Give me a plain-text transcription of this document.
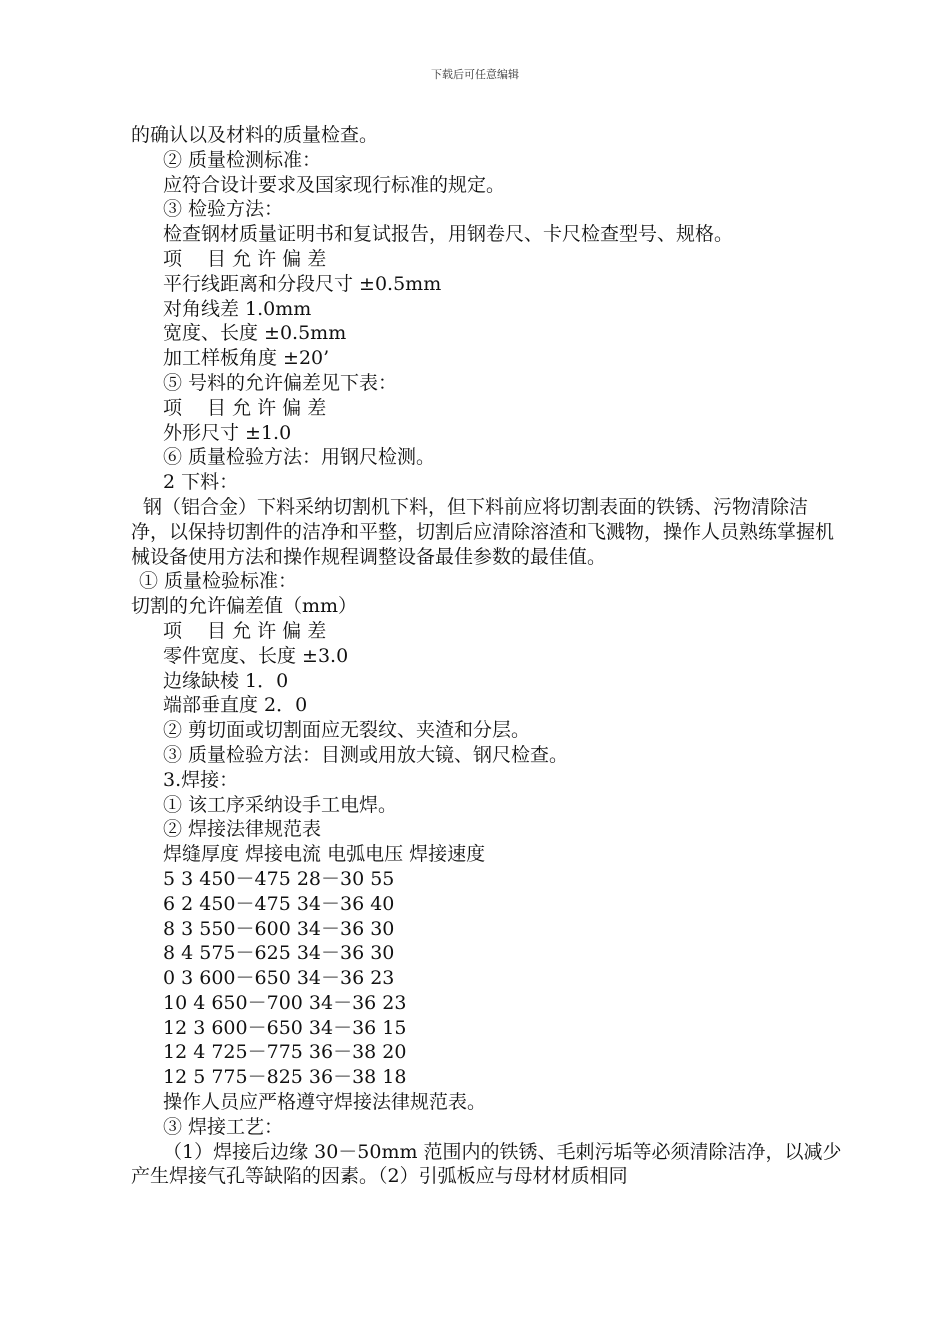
下载后可任意编辑
的确认以及材料的质量检查。
② 质量检测标准：
应符合设计要求及国家现行标准的规定。
③ 检验方法：
检查钢材质量证明书和复试报告，用钢卷尺、卡尺检查型号、规格。
项　 目 允 许 偏 差
平行线距离和分段尺寸 ±0.5mm
对角线差 1.0mm
宽度、长度 ±0.5mm
加工样板角度 ±20’
⑤ 号料的允许偏差见下表：
项　 目 允 许 偏 差
外形尺寸 ±1.0
⑥ 质量检验方法：用钢尺检测。
2 下料：
钢（铝合金）下料采纳切割机下料，但下料前应将切割表面的铁锈、污物清除洁净，以保持切割件的洁净和平整，切割后应清除溶渣和飞溅物，操作人员熟练掌握机械设备使用方法和操作规程调整设备最佳参数的最佳值。
① 质量检验标准：
切割的允许偏差值（mm）
项　 目 允 许 偏 差
零件宽度、长度 ±3.0
边缘缺棱 1．0
端部垂直度 2．0
② 剪切面或切割面应无裂纹、夹渣和分层。
③ 质量检验方法：目测或用放大镜、钢尺检查。
3.焊接：
① 该工序采纳设手工电焊。
② 焊接法律规范表
焊缝厚度 焊接电流 电弧电压 焊接速度
5 3 450－475 28－30 55
6 2 450－475 34－36 40
8 3 550－600 34－36 30
8 4 575－625 34－36 30
0 3 600－650 34－36 23
10 4 650－700 34－36 23
12 3 600－650 34－36 15
12 4 725－775 36－38 20
12 5 775－825 36－38 18
操作人员应严格遵守焊接法律规范表。
③ 焊接工艺：
（1）焊接后边缘 30－50mm 范围内的铁锈、毛刺污垢等必须清除洁净，以减少产生焊接气孔等缺陷的因素。（2）引弧板应与母材材质相同
